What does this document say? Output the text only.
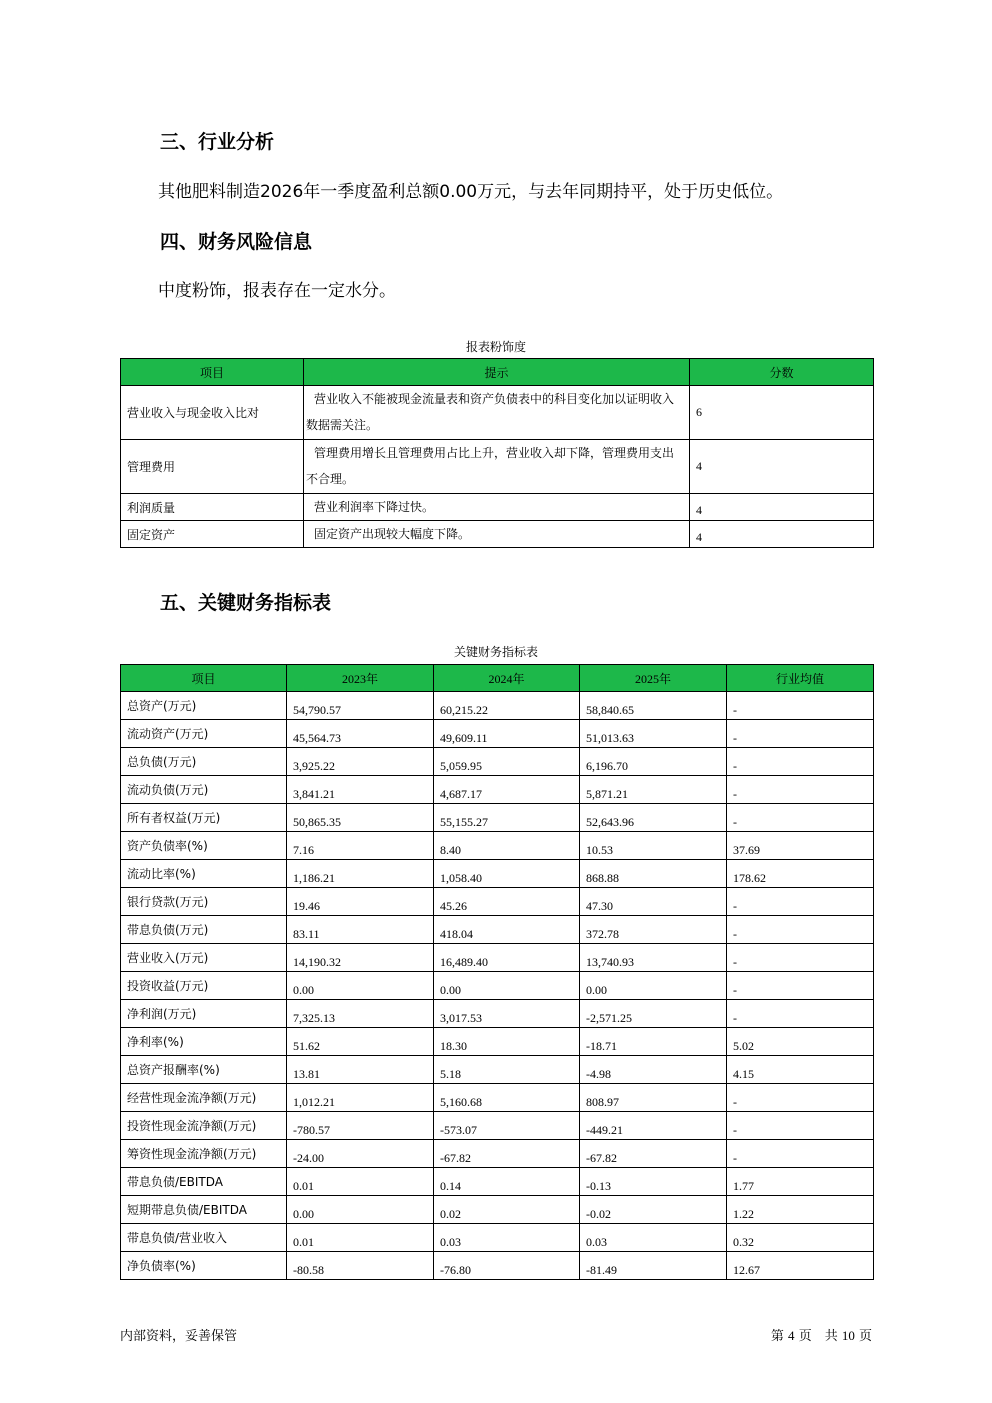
三、行业分析
其他肥料制造2026年一季度盈利总额0.00万元，与去年同期持平，处于历史低位。
四、财务风险信息
中度粉饰，报表存在一定水分。
报表粉饰度
项目	提示	分数
营业收入与现金收入比对	营业收入不能被现金流量表和资产负债表中的科目变化加以证明收入数据需关注。	6
管理费用	管理费用增长且管理费用占比上升，营业收入却下降，管理费用支出不合理。	4
利润质量	营业利润率下降过快。	4
固定资产	固定资产出现较大幅度下降。	4
五、关键财务指标表
关键财务指标表
项目	2023年	2024年	2025年	行业均值
总资产(万元)	54,790.57	60,215.22	58,840.65	-
流动资产(万元)	45,564.73	49,609.11	51,013.63	-
总负债(万元)	3,925.22	5,059.95	6,196.70	-
流动负债(万元)	3,841.21	4,687.17	5,871.21	-
所有者权益(万元)	50,865.35	55,155.27	52,643.96	-
资产负债率(%)	7.16	8.40	10.53	37.69
流动比率(%)	1,186.21	1,058.40	868.88	178.62
银行贷款(万元)	19.46	45.26	47.30	-
带息负债(万元)	83.11	418.04	372.78	-
营业收入(万元)	14,190.32	16,489.40	13,740.93	-
投资收益(万元)	0.00	0.00	0.00	-
净利润(万元)	7,325.13	3,017.53	-2,571.25	-
净利率(%)	51.62	18.30	-18.71	5.02
总资产报酬率(%)	13.81	5.18	-4.98	4.15
经营性现金流净额(万元)	1,012.21	5,160.68	808.97	-
投资性现金流净额(万元)	-780.57	-573.07	-449.21	-
筹资性现金流净额(万元)	-24.00	-67.82	-67.82	-
带息负债/EBITDA	0.01	0.14	-0.13	1.77
短期带息负债/EBITDA	0.00	0.02	-0.02	1.22
带息负债/营业收入	0.01	0.03	0.03	0.32
净负债率(%)	-80.58	-76.80	-81.49	12.67
内部资料，妥善保管	第 4 页　共 10 页
